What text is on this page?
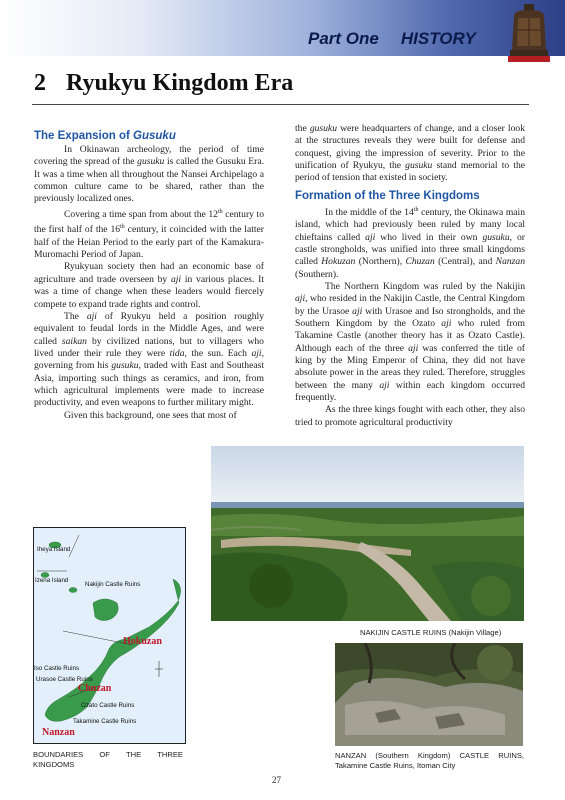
Part One HISTORY
2 Ryukyu Kingdom Era
The Expansion of Gusuku

In Okinawan archeology, the period of time covering the spread of the gusuku is called the Gusuku Era. It was a time when all throughout the Nansei Archipelago a common culture came to be shared, rather than the previously localized ones.

Covering a time span from about the 12th century to the first half of the 16th century, it coincided with the latter half of the Heian Period to the early part of the Kamakura-Muromachi Period of Japan.

Ryukyuan society then had an economic base of agriculture and trade overseen by aji in various places. It was a time of change when these leaders would fiercely compete to expand trade rights and control.

The aji of Ryukyu held a position roughly equivalent to feudal lords in the Middle Ages, and were called saikan by civilized nations, but to villagers who lived under their rule they were tida, the sun. Each aji, governing from his gusuku, traded with East and Southeast Asia, importing such things as ceramics, and iron, from which agricultural implements were made to increase productivity, and even weapons to further military might.

Given this background, one sees that most of

the gusuku were headquarters of change, and a closer look at the structures reveals they were built for defense and conquest, giving the impression of severity. Prior to the unification of Ryukyu, the gusuku stand memorial to the period of tension that existed in society.

Formation of the Three Kingdoms

In the middle of the 14th century, the Okinawa main island, which had previously been ruled by many local chieftains called aji who lived in their own gusuku, or castle strongholds, was unified into three small kingdoms called Hokuzan (Northern), Chuzan (Central), and Nanzan (Southern).

The Northern Kingdom was ruled by the Nakijin aji, who resided in the Nakijin Castle, the Central Kingdom by the Urasoe aji with Urasoe and Iso strongholds, and the Southern Kingdom by the Ozato aji who ruled from Takamine Castle (another theory has it as Ozato Castle). Although each of the three aji was conferred the title of king by the Ming Emperor of China, they did not have absolute power in the areas they ruled. Therefore, struggles between the many aji within each kingdom occurred frequently.

As the three kings fought with each other, they also tried to promote agricultural productivity

NAKIJIN CASTLE RUINS (Nakijin Village)
NANZAN (Southern Kingdom) CASTLE RUINS, Takamine Castle Ruins, Itoman City
Iheya Island
Izena Island
Nakijin Castle Ruins
Hokuzan
Iso Castle Ruins
Urasoe Castle Ruins
Chuzan
Ozato Castle Ruins
Takamine Castle Ruins
Nanzan
BOUNDARIES OF THE THREE KINGDOMS
27
